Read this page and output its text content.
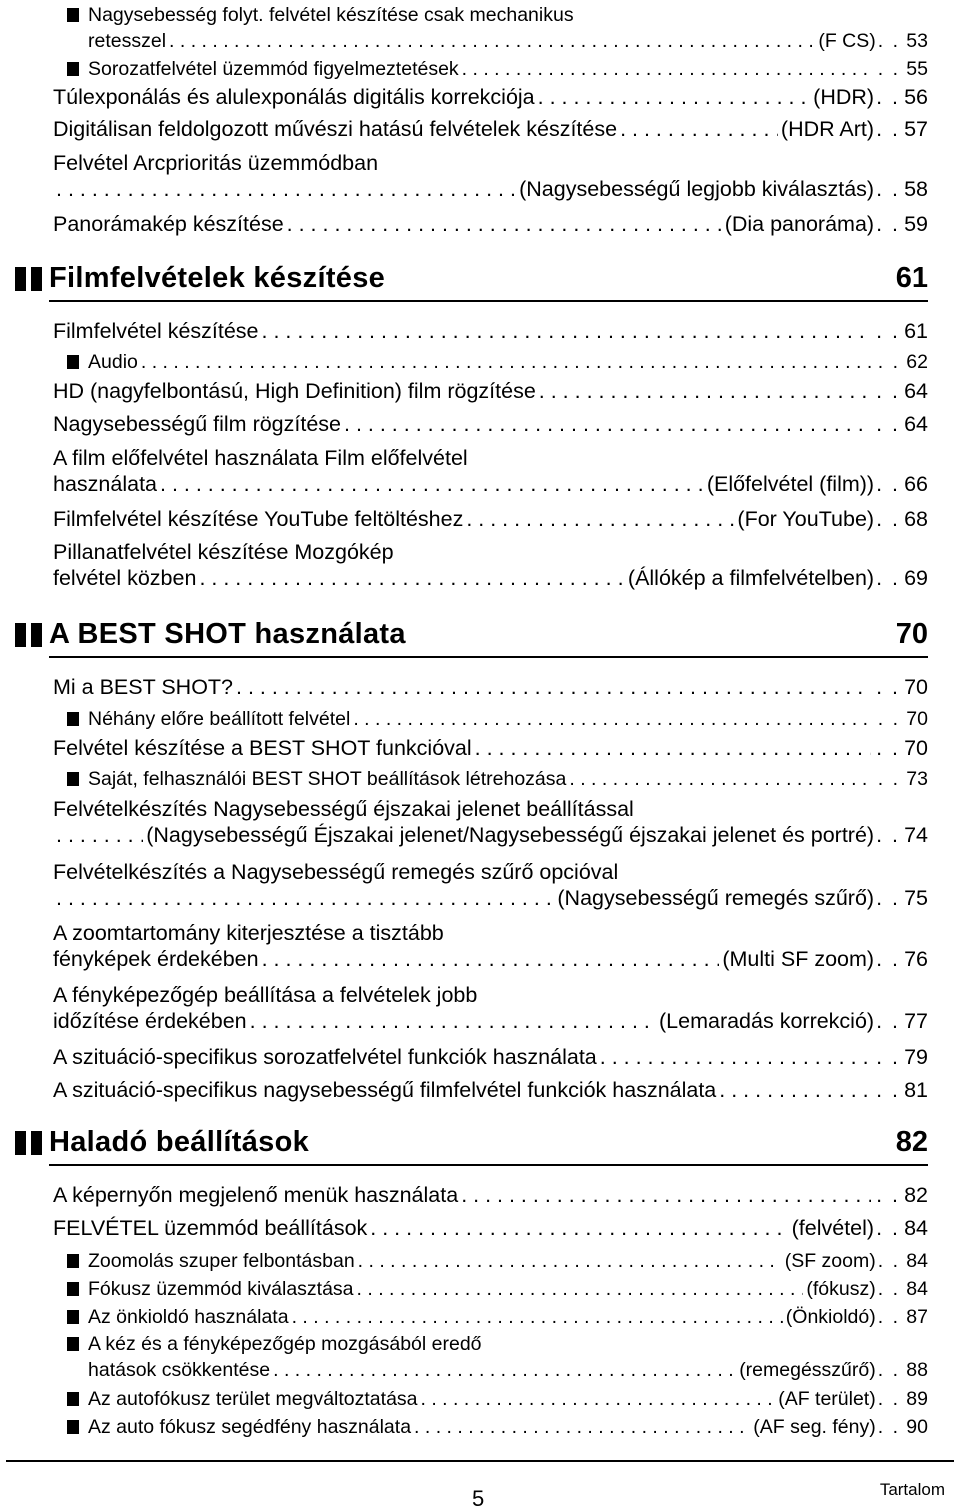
Nagysebesség folyt. felvétel készítése csak mechanikus
retesszel . . .	(F CS) . . 53
Sorozatfelvétel üzemmód figyelmeztetések . . .	. . 55
Túlexponálás és alulexponálás digitális korrekciója . . .	(HDR) . . 56
Digitálisan feldolgozott művészi hatású felvételek készítése . . .	(HDR Art) . . 57
Felvétel Arcprioritás üzemmódban
. . .
(Nagysebességű legjobb kiválasztás) . . 58
Panorámakép készítése . . .	(Dia panoráma) . . 59
Filmfelvételek készítése	61
Filmfelvétel készítése . . .	. . 61
Audio . . .	. . 62
HD (nagyfelbontású, High Definition) film rögzítése . . .	. . 64
Nagysebességű film rögzítése . . .	. . 64
A film előfelvétel használata Film előfelvétel
használata . . .	(Előfelvétel (film)) . . 66
Filmfelvétel készítése YouTube feltöltéshez . . .	(For YouTube) . . 68
Pillanatfelvétel készítése Mozgókép
felvétel közben . . .	(Állókép a filmfelvételben) . . 69
A BEST SHOT használata	70
Mi a BEST SHOT? . . .	. . 70
Néhány előre beállított felvétel . . .	. . 70
Felvétel készítése a BEST SHOT funkcióval . . .	. . 70
Saját, felhasználói BEST SHOT beállítások létrehozása . . .	. . 73
Felvételkészítés Nagysebességű éjszakai jelenet beállítással
. . .
(Nagysebességű Éjszakai jelenet/Nagysebességű éjszakai jelenet és portré) . . 74
Felvételkészítés a Nagysebességű remegés szűrő opcióval
. . .
(Nagysebességű remegés szűrő) . . 75
A zoomtartomány kiterjesztése a tisztább
fényképek érdekében . . .	(Multi SF zoom) . . 76
A fényképezőgép beállítása a felvételek jobb
időzítése érdekében . . .	(Lemaradás korrekció) . . 77
A szituáció-specifikus sorozatfelvétel funkciók használata . . .	. . 79
A szituáció-specifikus nagysebességű filmfelvétel funkciók használata . . .	. . 81
Haladó beállítások	82
A képernyőn megjelenő menük használata . . .	. . 82
FELVÉTEL üzemmód beállítások . . .	(felvétel) . . 84
Zoomolás szuper felbontásban . . .	(SF zoom) . . 84
Fókusz üzemmód kiválasztása . . .	(fókusz) . . 84
Az önkioldó használata . . .	(Önkioldó) . . 87
A kéz és a fényképezőgép mozgásából eredő
hatások csökkentése . . .	(remegésszűrő) . . 88
Az autofókusz terület megváltoztatása . . .	(AF terület) . . 89
Az auto fókusz segédfény használata . . .	(AF seg. fény) . . 90
5	Tartalom
